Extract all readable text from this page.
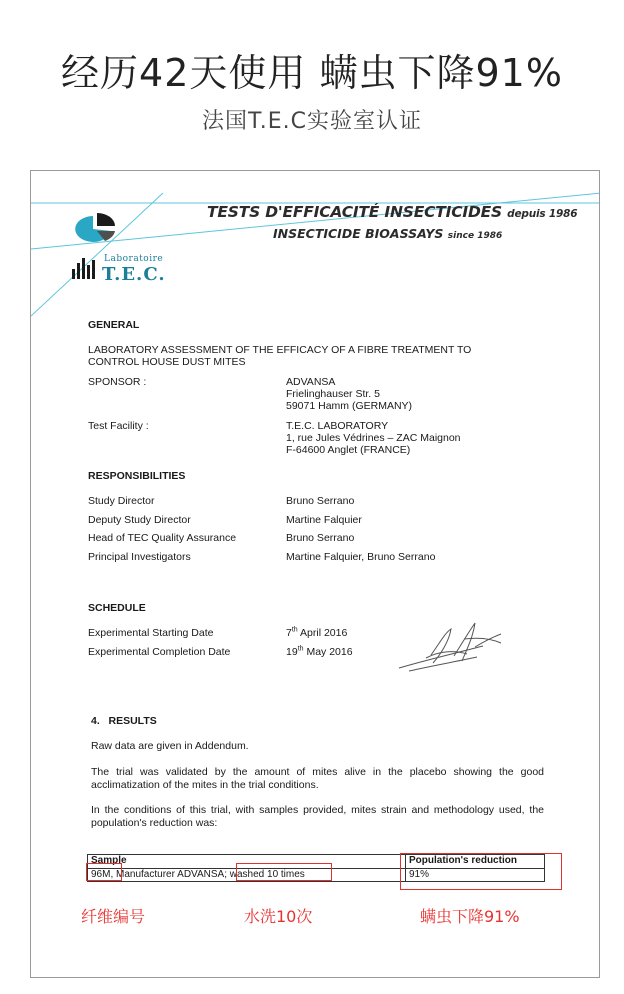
经历42天使用 螨虫下降91%
法国T.E.C实验室认证
TESTS D'EFFICACITÉ INSECTICIDES depuis 1986
INSECTICIDE BIOASSAYS since 1986
Laboratoire
T.E.C.
GENERAL
LABORATORY ASSESSMENT OF THE EFFICACY OF A FIBRE TREATMENT TO
CONTROL HOUSE DUST MITES
SPONSOR :	ADVANSA
Frielinghauser Str. 5
59071 Hamm (GERMANY)
Test Facility :	T.E.C. LABORATORY
1, rue Jules Védrines – ZAC Maignon
F-64600 Anglet (FRANCE)
RESPONSIBILITIES
Study Director	Bruno Serrano
Deputy Study Director	Martine Falquier
Head of TEC Quality Assurance	Bruno Serrano
Principal Investigators	Martine Falquier, Bruno Serrano
SCHEDULE
Experimental Starting Date	7th April 2016
Experimental Completion Date	19th May 2016
4.   RESULTS
Raw data are given in Addendum.
The trial was validated by the amount of mites alive in the placebo showing the good acclimatization of the mites in the trial conditions.
In the conditions of this trial, with samples provided, mites strain and methodology used, the population's reduction was:
Sample	Population's reduction
96M, Manufacturer ADVANSA; washed 10 times	91%
纤维编号	水洗10次	螨虫下降91%
